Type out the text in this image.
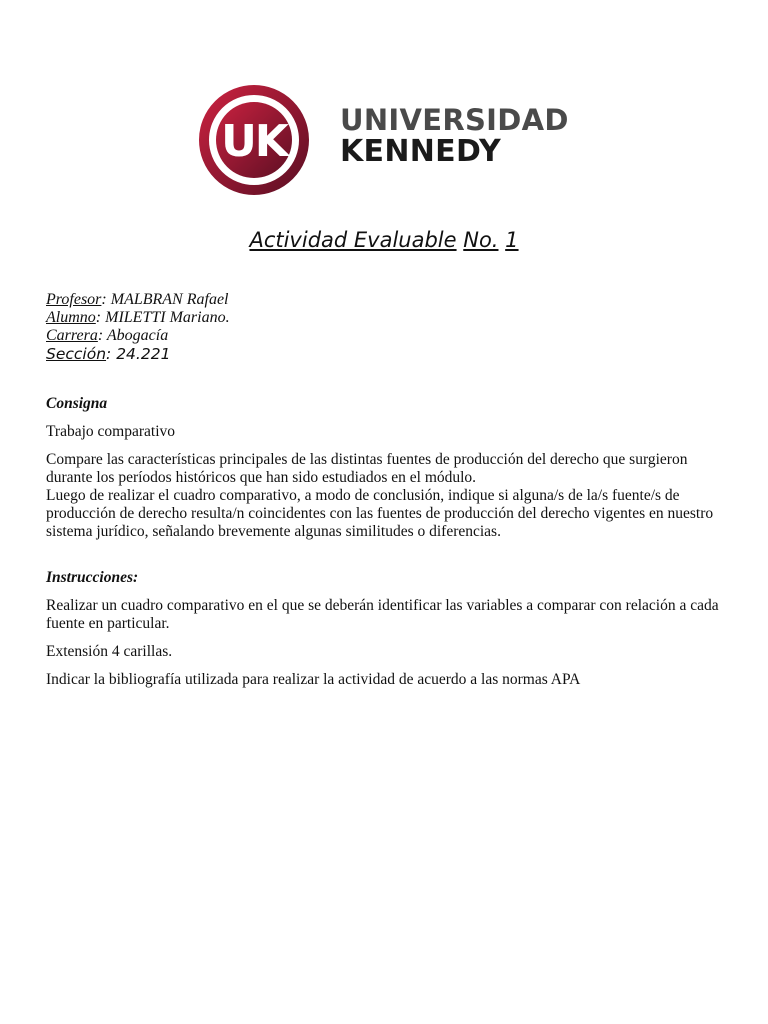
UK UNIVERSIDAD
KENNEDY
Actividad Evaluable No. 1
Profesor: MALBRAN Rafael
Alumno: MILETTI Mariano.
Carrera: Abogacía
Sección: 24.221
Consigna
Trabajo comparativo
Compare las características principales de las distintas fuentes de producción del derecho que surgieron
durante los períodos históricos que han sido estudiados en el módulo.
Luego de realizar el cuadro comparativo, a modo de conclusión, indique si alguna/s de la/s fuente/s de
producción de derecho resulta/n coincidentes con las fuentes de producción del derecho vigentes en nuestro
sistema jurídico, señalando brevemente algunas similitudes o diferencias.
Instrucciones:
Realizar un cuadro comparativo en el que se deberán identificar las variables a comparar con relación a cada
fuente en particular.
Extensión 4 carillas.
Indicar la bibliografía utilizada para realizar la actividad de acuerdo a las normas APA
